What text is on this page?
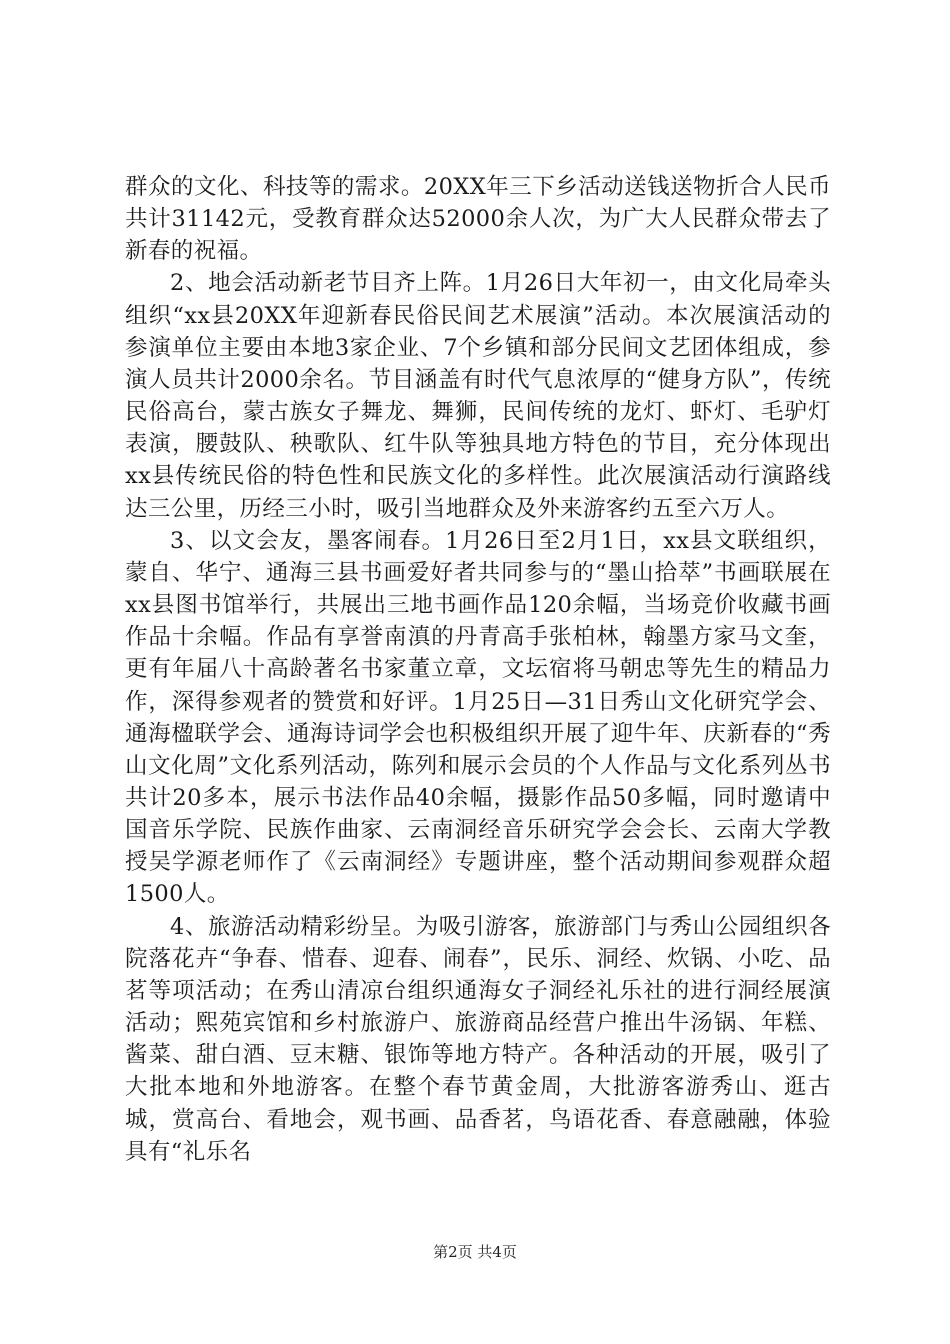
群众的文化、科技等的需求。20XX年三下乡活动送钱送物折合人民币共计31142元，受教育群众达52000余人次，为广大人民群众带去了新春的祝福。

2、地会活动新老节目齐上阵。1月26日大年初一，由文化局牵头组织“xx县20XX年迎新春民俗民间艺术展演”活动。本次展演活动的参演单位主要由本地3家企业、7个乡镇和部分民间文艺团体组成，参演人员共计2000余名。节目涵盖有时代气息浓厚的“健身方队”，传统民俗高台，蒙古族女子舞龙、舞狮，民间传统的龙灯、虾灯、毛驴灯表演，腰鼓队、秧歌队、红牛队等独具地方特色的节目，充分体现出xx县传统民俗的特色性和民族文化的多样性。此次展演活动行演路线达三公里，历经三小时，吸引当地群众及外来游客约五至六万人。

3、以文会友，墨客闹春。1月26日至2月1日，xx县文联组织，蒙自、华宁、通海三县书画爱好者共同参与的“墨山拾萃”书画联展在xx县图书馆举行，共展出三地书画作品120余幅，当场竞价收藏书画作品十余幅。作品有享誉南滇的丹青高手张柏林，翰墨方家马文奎，更有年届八十高龄著名书家董立章，文坛宿将马朝忠等先生的精品力作，深得参观者的赞赏和好评。1月25日—31日秀山文化研究学会、通海楹联学会、通海诗词学会也积极组织开展了迎牛年、庆新春的“秀山文化周”文化系列活动，陈列和展示会员的个人作品与文化系列丛书共计20多本，展示书法作品40余幅，摄影作品50多幅，同时邀请中国音乐学院、民族作曲家、云南洞经音乐研究学会会长、云南大学教授吴学源老师作了《云南洞经》专题讲座，整个活动期间参观群众超1500人。

4、旅游活动精彩纷呈。为吸引游客，旅游部门与秀山公园组织各院落花卉“争春、惜春、迎春、闹春”，民乐、洞经、炊锅、小吃、品茗等项活动；在秀山清凉台组织通海女子洞经礼乐社的进行洞经展演活动；熙苑宾馆和乡村旅游户、旅游商品经营户推出牛汤锅、年糕、酱菜、甜白酒、豆末糖、银饰等地方特产。各种活动的开展，吸引了大批本地和外地游客。在整个春节黄金周，大批游客游秀山、逛古城，赏高台、看地会，观书画、品香茗，鸟语花香、春意融融，体验具有“礼乐名

第2页 共4页
